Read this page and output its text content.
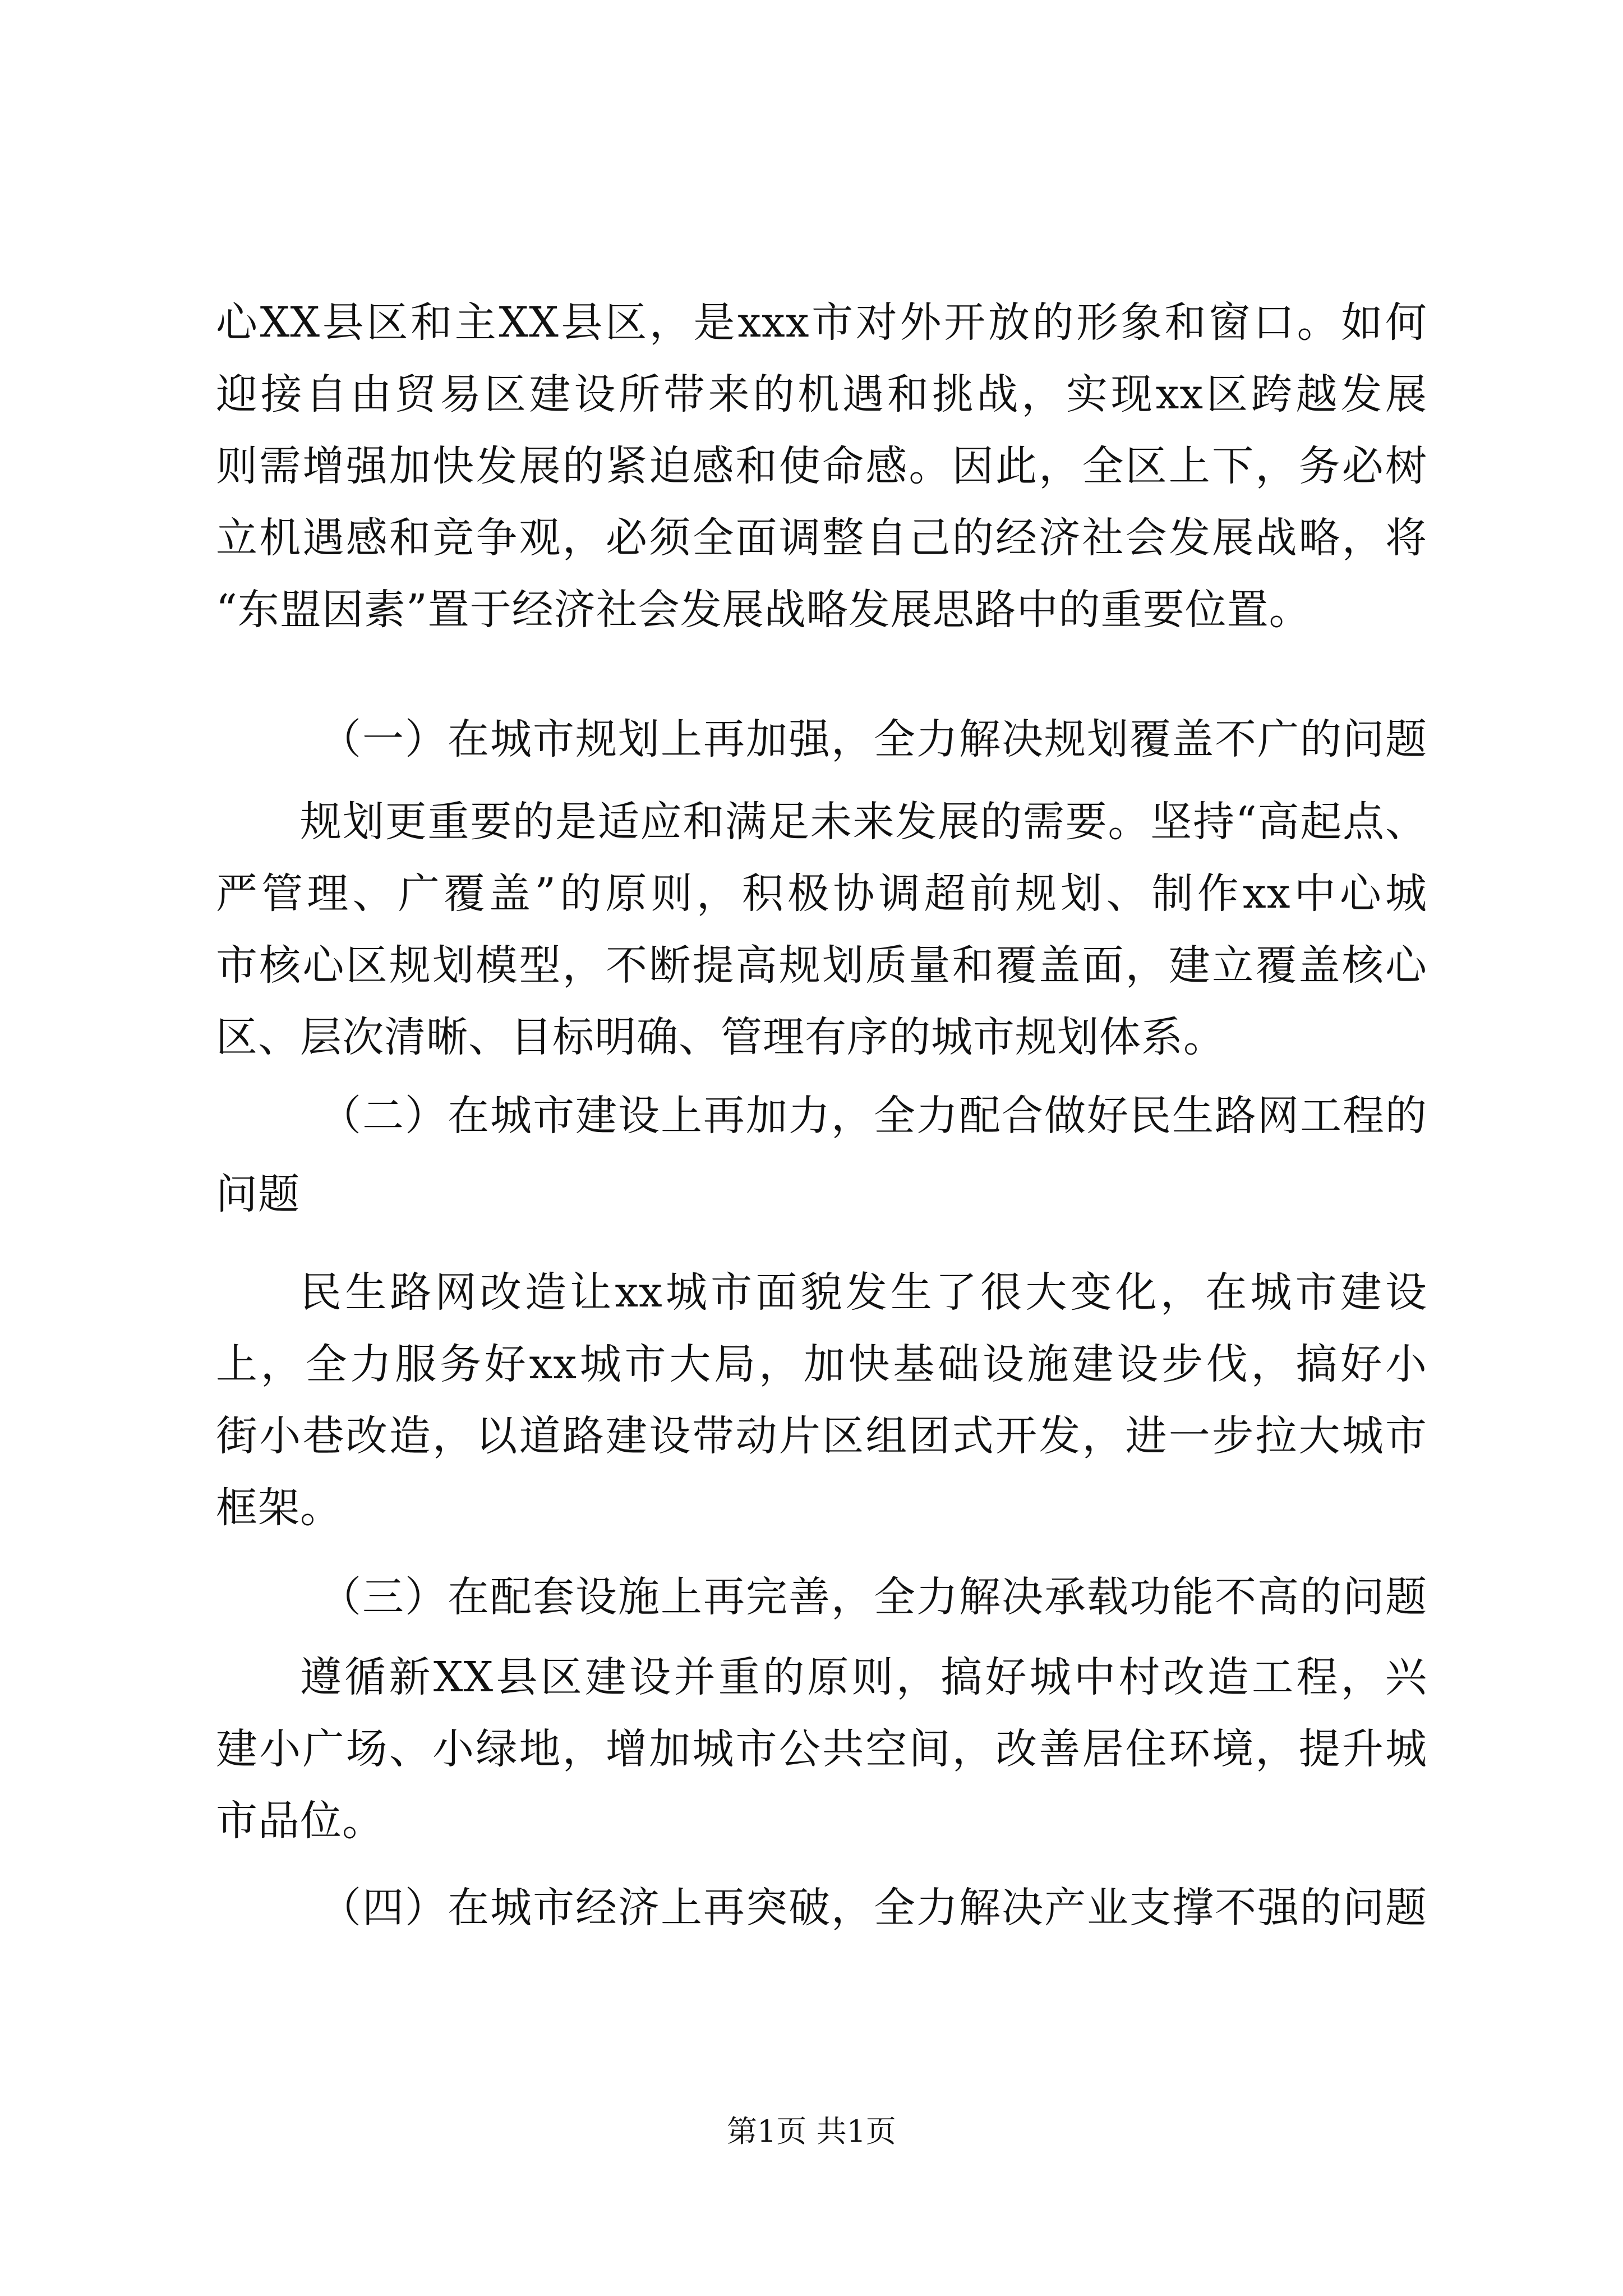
心XX县区和主XX县区，是xxx市对外开放的形象和窗口。如何
迎接自由贸易区建设所带来的机遇和挑战，实现xx区跨越发展
则需增强加快发展的紧迫感和使命感。因此，全区上下，务必树
立机遇感和竞争观，必须全面调整自己的经济社会发展战略，将
“东盟因素”置于经济社会发展战略发展思路中的重要位置。
（一）在城市规划上再加强，全力解决规划覆盖不广的问题
规划更重要的是适应和满足未来发展的需要。坚持“高起点、
严管理、广覆盖”的原则，积极协调超前规划、制作xx中心城
市核心区规划模型，不断提高规划质量和覆盖面，建立覆盖核心
区、层次清晰、目标明确、管理有序的城市规划体系。
（二）在城市建设上再加力，全力配合做好民生路网工程的
问题
民生路网改造让xx城市面貌发生了很大变化，在城市建设
上，全力服务好xx城市大局，加快基础设施建设步伐，搞好小
街小巷改造，以道路建设带动片区组团式开发，进一步拉大城市
框架。
（三）在配套设施上再完善，全力解决承载功能不高的问题
遵循新XX县区建设并重的原则，搞好城中村改造工程，兴
建小广场、小绿地，增加城市公共空间，改善居住环境，提升城
市品位。
（四）在城市经济上再突破，全力解决产业支撑不强的问题
第1页 共1页
